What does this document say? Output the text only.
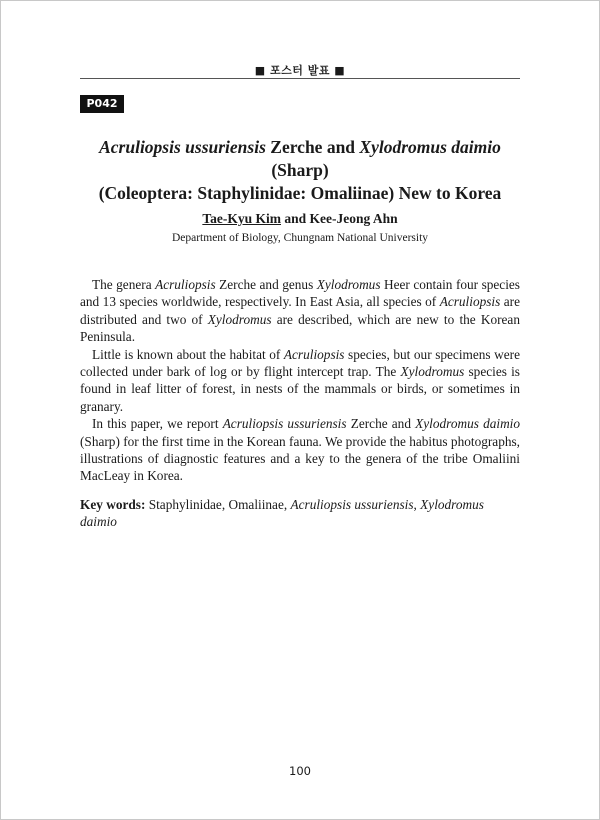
■ 포스터 발표 ■
P042
Acruliopsis ussuriensis Zerche and Xylodromus daimio (Sharp)
(Coleoptera: Staphylinidae: Omaliinae) New to Korea
Tae-Kyu Kim and Kee-Jeong Ahn
Department of Biology, Chungnam National University

The genera Acruliopsis Zerche and genus Xylodromus Heer contain four species and 13 species worldwide, respectively. In East Asia, all species of Acruliopsis are distributed and two of Xylodromus are described, which are new to the Korean Peninsula.

Little is known about the habitat of Acruliopsis species, but our specimens were collected under bark of log or by flight intercept trap. The Xylodromus species is found in leaf litter of forest, in nests of the mammals or birds, or sometimes in granary.

In this paper, we report Acruliopsis ussuriensis Zerche and Xylodromus daimio (Sharp) for the first time in the Korean fauna. We provide the habitus photographs, illustrations of diagnostic features and a key to the genera of the tribe Omaliini MacLeay in Korea.

Key words: Staphylinidae, Omaliinae, Acruliopsis ussuriensis, Xylodromus daimio
100
